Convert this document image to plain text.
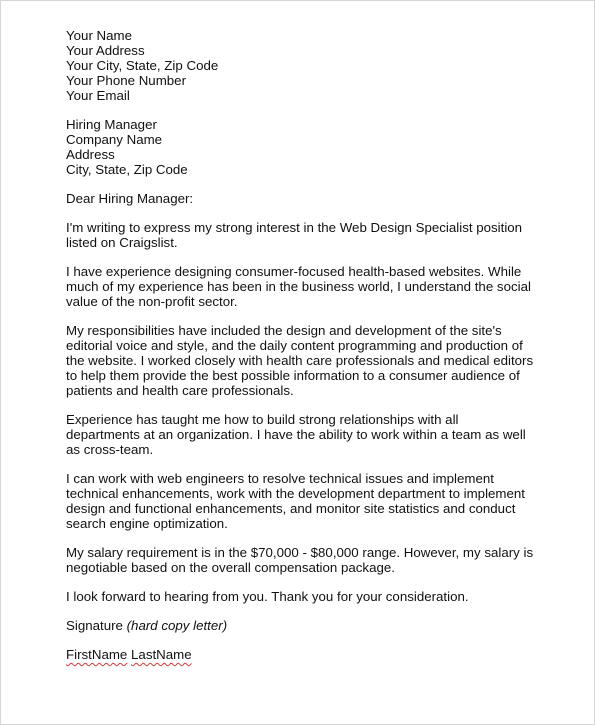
Your Name
Your Address
Your City, State, Zip Code
Your Phone Number
Your Email
Hiring Manager
Company Name
Address
City, State, Zip Code

Dear Hiring Manager:

I'm writing to express my strong interest in the Web Design Specialist position listed on Craigslist.

I have experience designing consumer-focused health-based websites. While much of my experience has been in the business world, I understand the social value of the non-profit sector.

My responsibilities have included the design and development of the site's editorial voice and style, and the daily content programming and production of the website. I worked closely with health care professionals and medical editors to help them provide the best possible information to a consumer audience of patients and health care professionals.

Experience has taught me how to build strong relationships with all departments at an organization. I have the ability to work within a team as well as cross-team.

I can work with web engineers to resolve technical issues and implement technical enhancements, work with the development department to implement design and functional enhancements, and monitor site statistics and conduct search engine optimization.

My salary requirement is in the $70,000 - $80,000 range. However, my salary is negotiable based on the overall compensation package.

I look forward to hearing from you. Thank you for your consideration.

Signature (hard copy letter)

FirstName LastName
